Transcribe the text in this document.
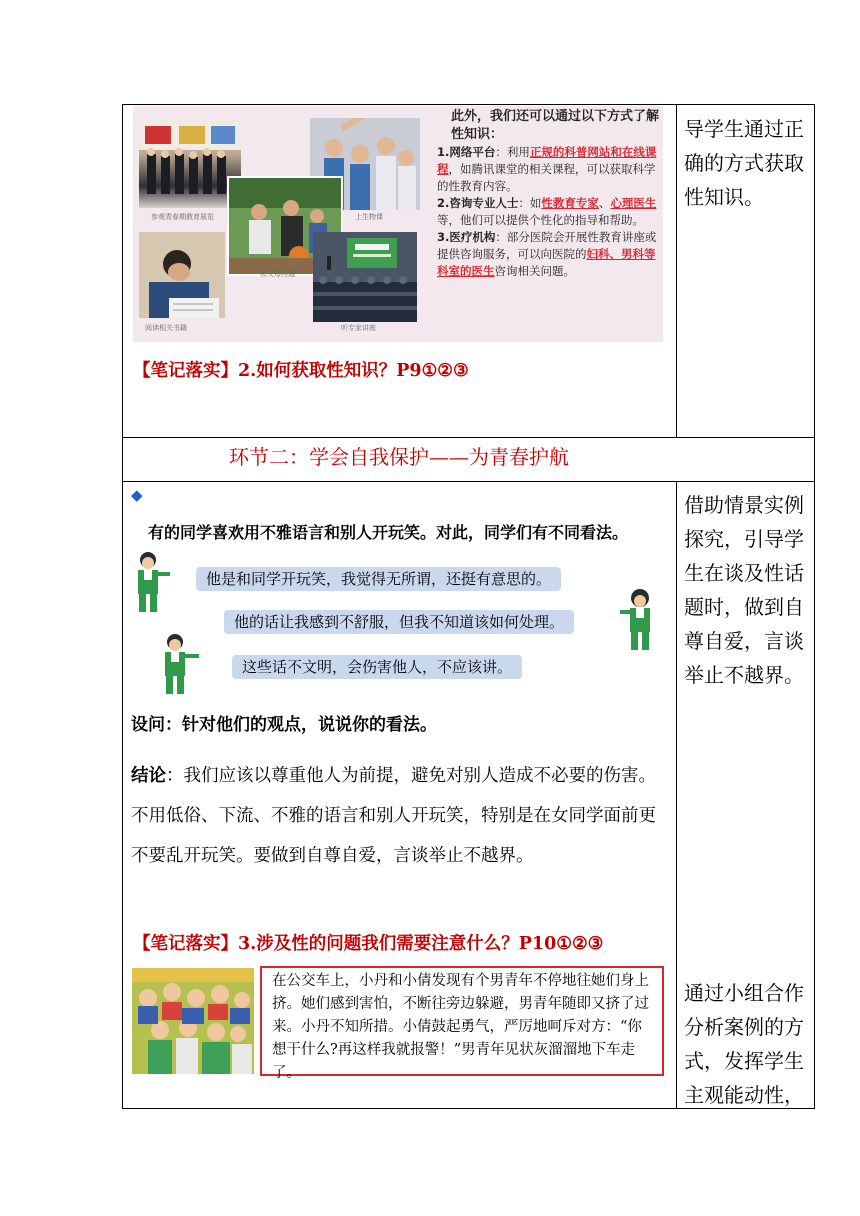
参观青春期教育展览	上生物课
和父母沟通
阅读相关书籍	听专家讲座
此外，我们还可以通过以下方式了解性知识：
1.网络平台：利用正规的科普网站和在线课程，如腾讯课堂的相关课程，可以获取科学的性教育内容。
2.咨询专业人士：如性教育专家、心理医生等，他们可以提供个性化的指导和帮助。
3.医疗机构：部分医院会开展性教育讲座或提供咨询服务，可以向医院的妇科、男科等科室的医生咨询相关问题。
【笔记落实】2.如何获取性知识？P9①②③
导学生通过正确的方式获取性知识。
环节二：学会自我保护——为青春护航
◆
有的同学喜欢用不雅语言和别人开玩笑。对此，同学们有不同看法。
他是和同学开玩笑，我觉得无所谓，还挺有意思的。
他的话让我感到不舒服，但我不知道该如何处理。
这些话不文明，会伤害他人，不应该讲。
设问：针对他们的观点，说说你的看法。
结论：我们应该以尊重他人为前提，避免对别人造成不必要的伤害。不用低俗、下流、不雅的语言和别人开玩笑，特别是在女同学面前更不要乱开玩笑。要做到自尊自爱，言谈举止不越界。
【笔记落实】3.涉及性的问题我们需要注意什么？P10①②③
在公交车上，小丹和小倩发现有个男青年不停地往她们身上挤。她们感到害怕，不断往旁边躲避，男青年随即又挤了过来。小丹不知所措。小倩鼓起勇气，严厉地呵斥对方：“你想干什么?再这样我就报警！”男青年见状灰溜溜地下车走了。
借助情景实例探究，引导学生在谈及性话题时，做到自尊自爱，言谈举止不越界。
通过小组合作分析案例的方式，发挥学生主观能动性，
